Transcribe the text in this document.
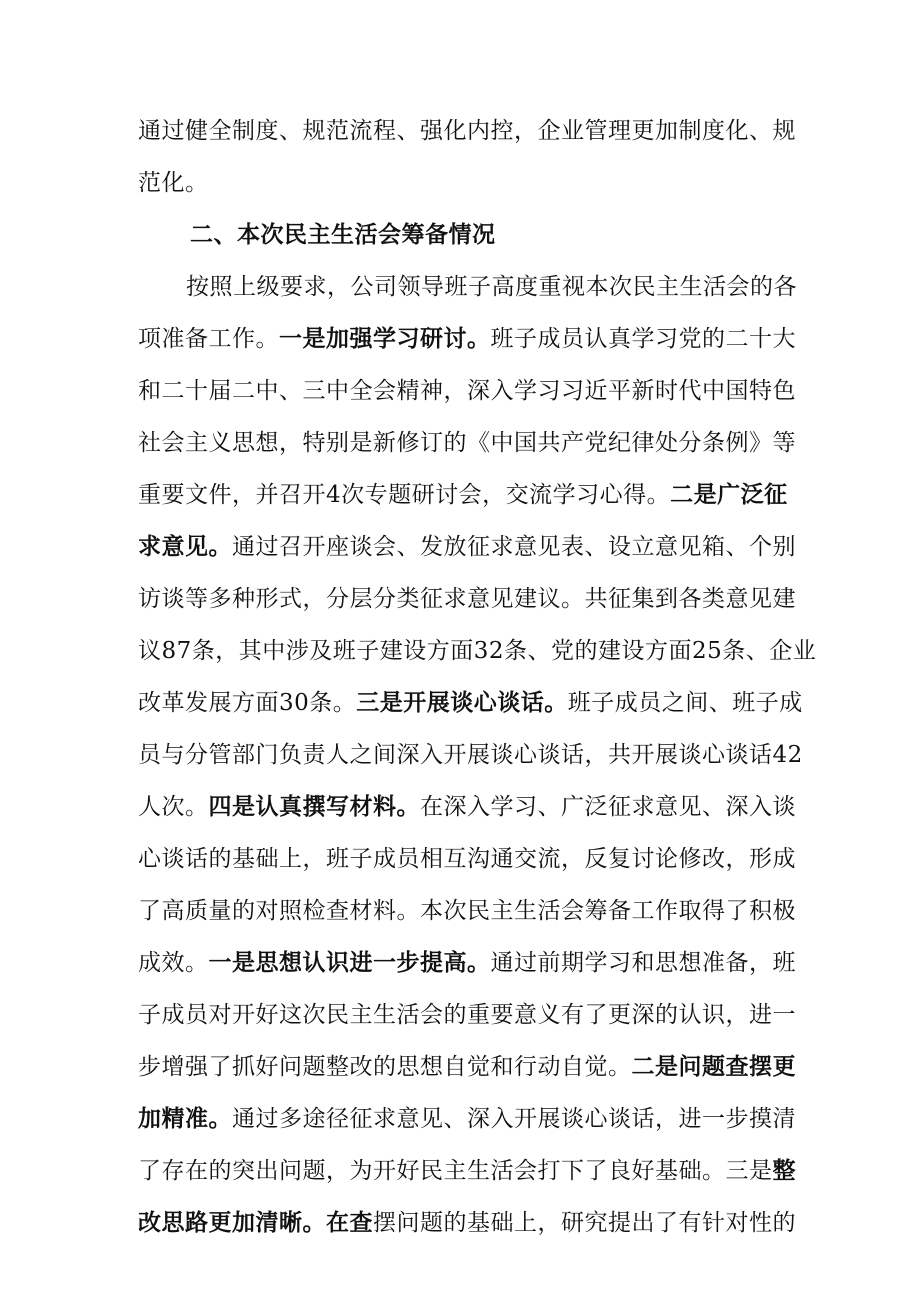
通过健全制度、规范流程、强化内控，企业管理更加制度化、规
范化。
二、本次民主生活会筹备情况
按照上级要求，公司领导班子高度重视本次民主生活会的各
项准备工作。一是加强学习研讨。班子成员认真学习党的二十大
和二十届二中、三中全会精神，深入学习习近平新时代中国特色
社会主义思想，特别是新修订的《中国共产党纪律处分条例》等
重要文件，并召开4次专题研讨会，交流学习心得。二是广泛征
求意见。通过召开座谈会、发放征求意见表、设立意见箱、个别
访谈等多种形式，分层分类征求意见建议。共征集到各类意见建
议87条，其中涉及班子建设方面32条、党的建设方面25条、企业
改革发展方面30条。三是开展谈心谈话。班子成员之间、班子成
员与分管部门负责人之间深入开展谈心谈话，共开展谈心谈话42
人次。四是认真撰写材料。在深入学习、广泛征求意见、深入谈
心谈话的基础上，班子成员相互沟通交流，反复讨论修改，形成
了高质量的对照检查材料。本次民主生活会筹备工作取得了积极
成效。一是思想认识进一步提高。通过前期学习和思想准备，班
子成员对开好这次民主生活会的重要意义有了更深的认识，进一
步增强了抓好问题整改的思想自觉和行动自觉。二是问题查摆更
加精准。通过多途径征求意见、深入开展谈心谈话，进一步摸清
了存在的突出问题，为开好民主生活会打下了良好基础。三是整
改思路更加清晰。在查摆问题的基础上，研究提出了有针对性的
